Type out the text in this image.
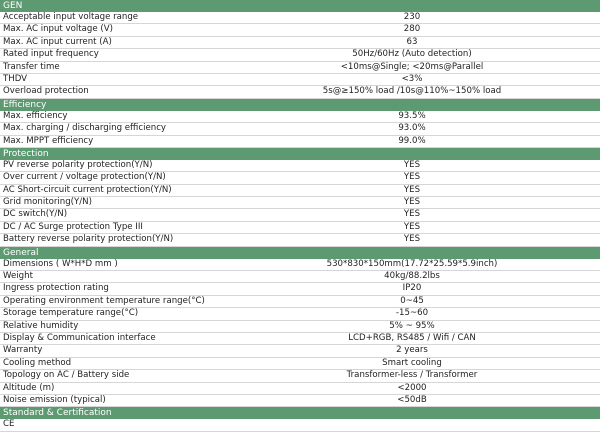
GEN
Acceptable input voltage range	230
Max. AC input voltage (V)	280
Max. AC input current (A)	63
Rated input frequency	50Hz/60Hz (Auto detection)
Transfer time	<10ms@Single; <20ms@Parallel
THDV	<3%
Overload protection	5s@≥150% load /10s@110%~150% load
Efficiency
Max. efficiency	93.5%
Max. charging / discharging efficiency	93.0%
Max. MPPT efficiency	99.0%
Protection
PV reverse polarity protection(Y/N)	YES
Over current / voltage protection(Y/N)	YES
AC Short-circuit current protection(Y/N)	YES
Grid monitoring(Y/N)	YES
DC switch(Y/N)	YES
DC / AC Surge protection Type III	YES
Battery reverse polarity protection(Y/N)	YES
General
Dimensions ( W*H*D mm )	530*830*150mm(17.72*25.59*5.9inch)
Weight	40kg/88.2lbs
Ingress protection rating	IP20
Operating environment temperature range(°C)	0~45
Storage temperature range(°C)	-15~60
Relative humidity	5% ~ 95%
Display & Communication interface	LCD+RGB, RS485 / Wifi / CAN
Warranty	2 years
Cooling method	Smart cooling
Topology on AC / Battery side	Transformer-less / Transformer
Altitude (m)	<2000
Noise emission (typical)	<50dB
Standard & Certification
CE
